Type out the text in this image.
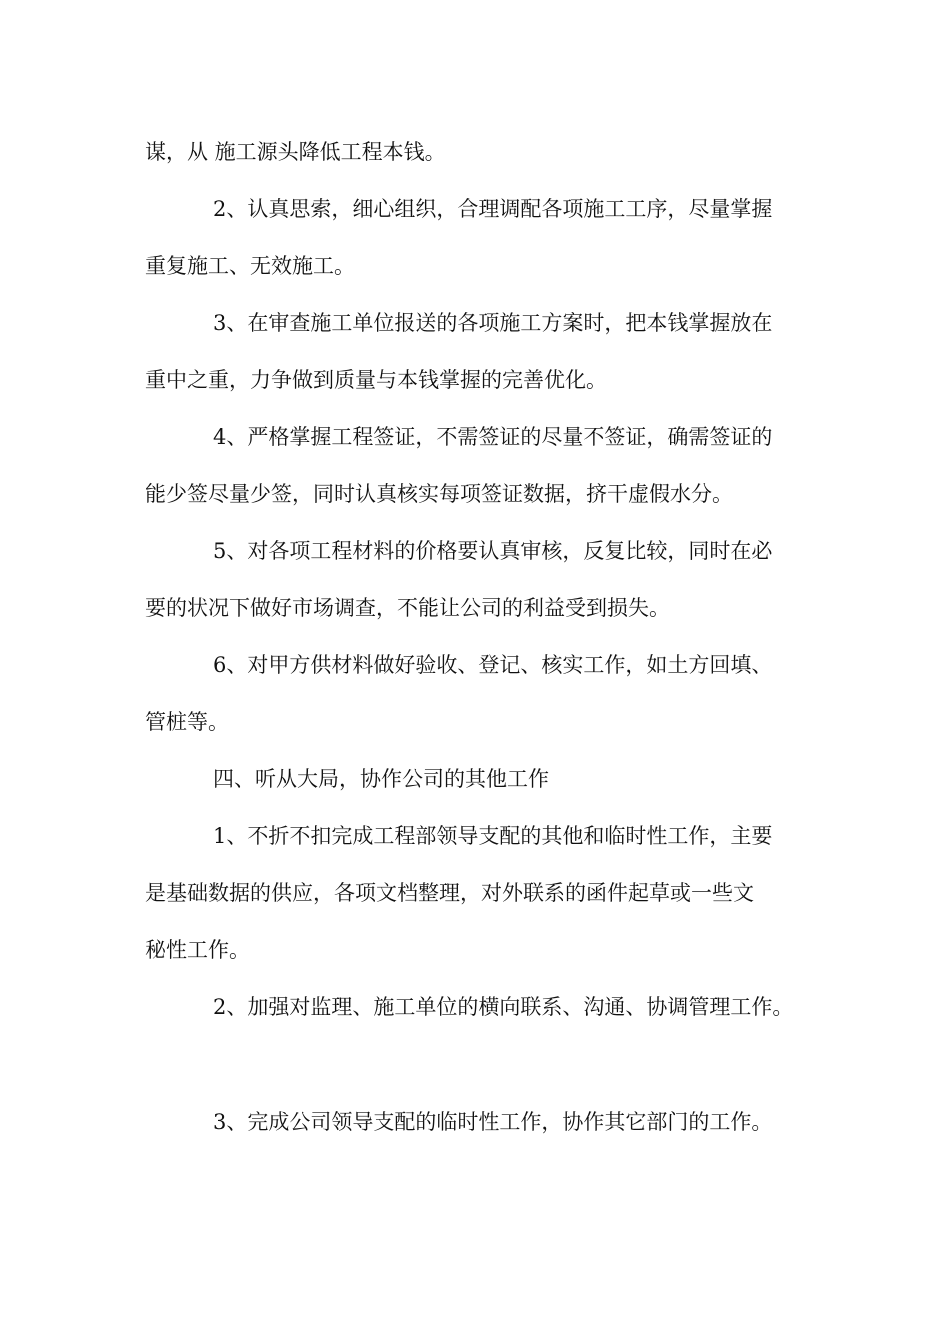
谋，从 施工源头降低工程本钱。
2、认真思索，细心组织，合理调配各项施工工序，尽量掌握
重复施工、无效施工。
3、在审查施工单位报送的各项施工方案时，把本钱掌握放在
重中之重，力争做到质量与本钱掌握的完善优化。
4、严格掌握工程签证，不需签证的尽量不签证，确需签证的
能少签尽量少签，同时认真核实每项签证数据，挤干虚假水分。
5、对各项工程材料的价格要认真审核，反复比较，同时在必
要的状况下做好市场调查，不能让公司的利益受到损失。
6、对甲方供材料做好验收、登记、核实工作，如土方回填、
管桩等。
四、听从大局，协作公司的其他工作
1、不折不扣完成工程部领导支配的其他和临时性工作，主要
是基础数据的供应，各项文档整理，对外联系的函件起草或一些文
秘性工作。
2、加强对监理、施工单位的横向联系、沟通、协调管理工作。
3、完成公司领导支配的临时性工作，协作其它部门的工作。
